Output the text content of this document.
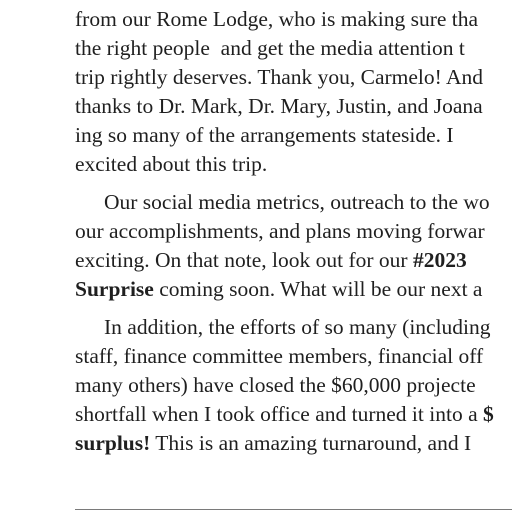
from our Rome Lodge, who is making sure tha
the right people  and get the media attention t
trip rightly deserves. Thank you, Carmelo! And
thanks to Dr. Mark, Dr. Mary, Justin, and Joana
ing so many of the arrangements stateside. I
excited about this trip.
Our social media metrics, outreach to the wo
our accomplishments, and plans moving forwar
exciting. On that note, look out for our #2023
Surprise coming soon. What will be our next a
In addition, the efforts of so many (including
staff, finance committee members, financial off
many others) have closed the $60,000 projecte
shortfall when I took office and turned it into a $
surplus! This is an amazing turnaround, and I
